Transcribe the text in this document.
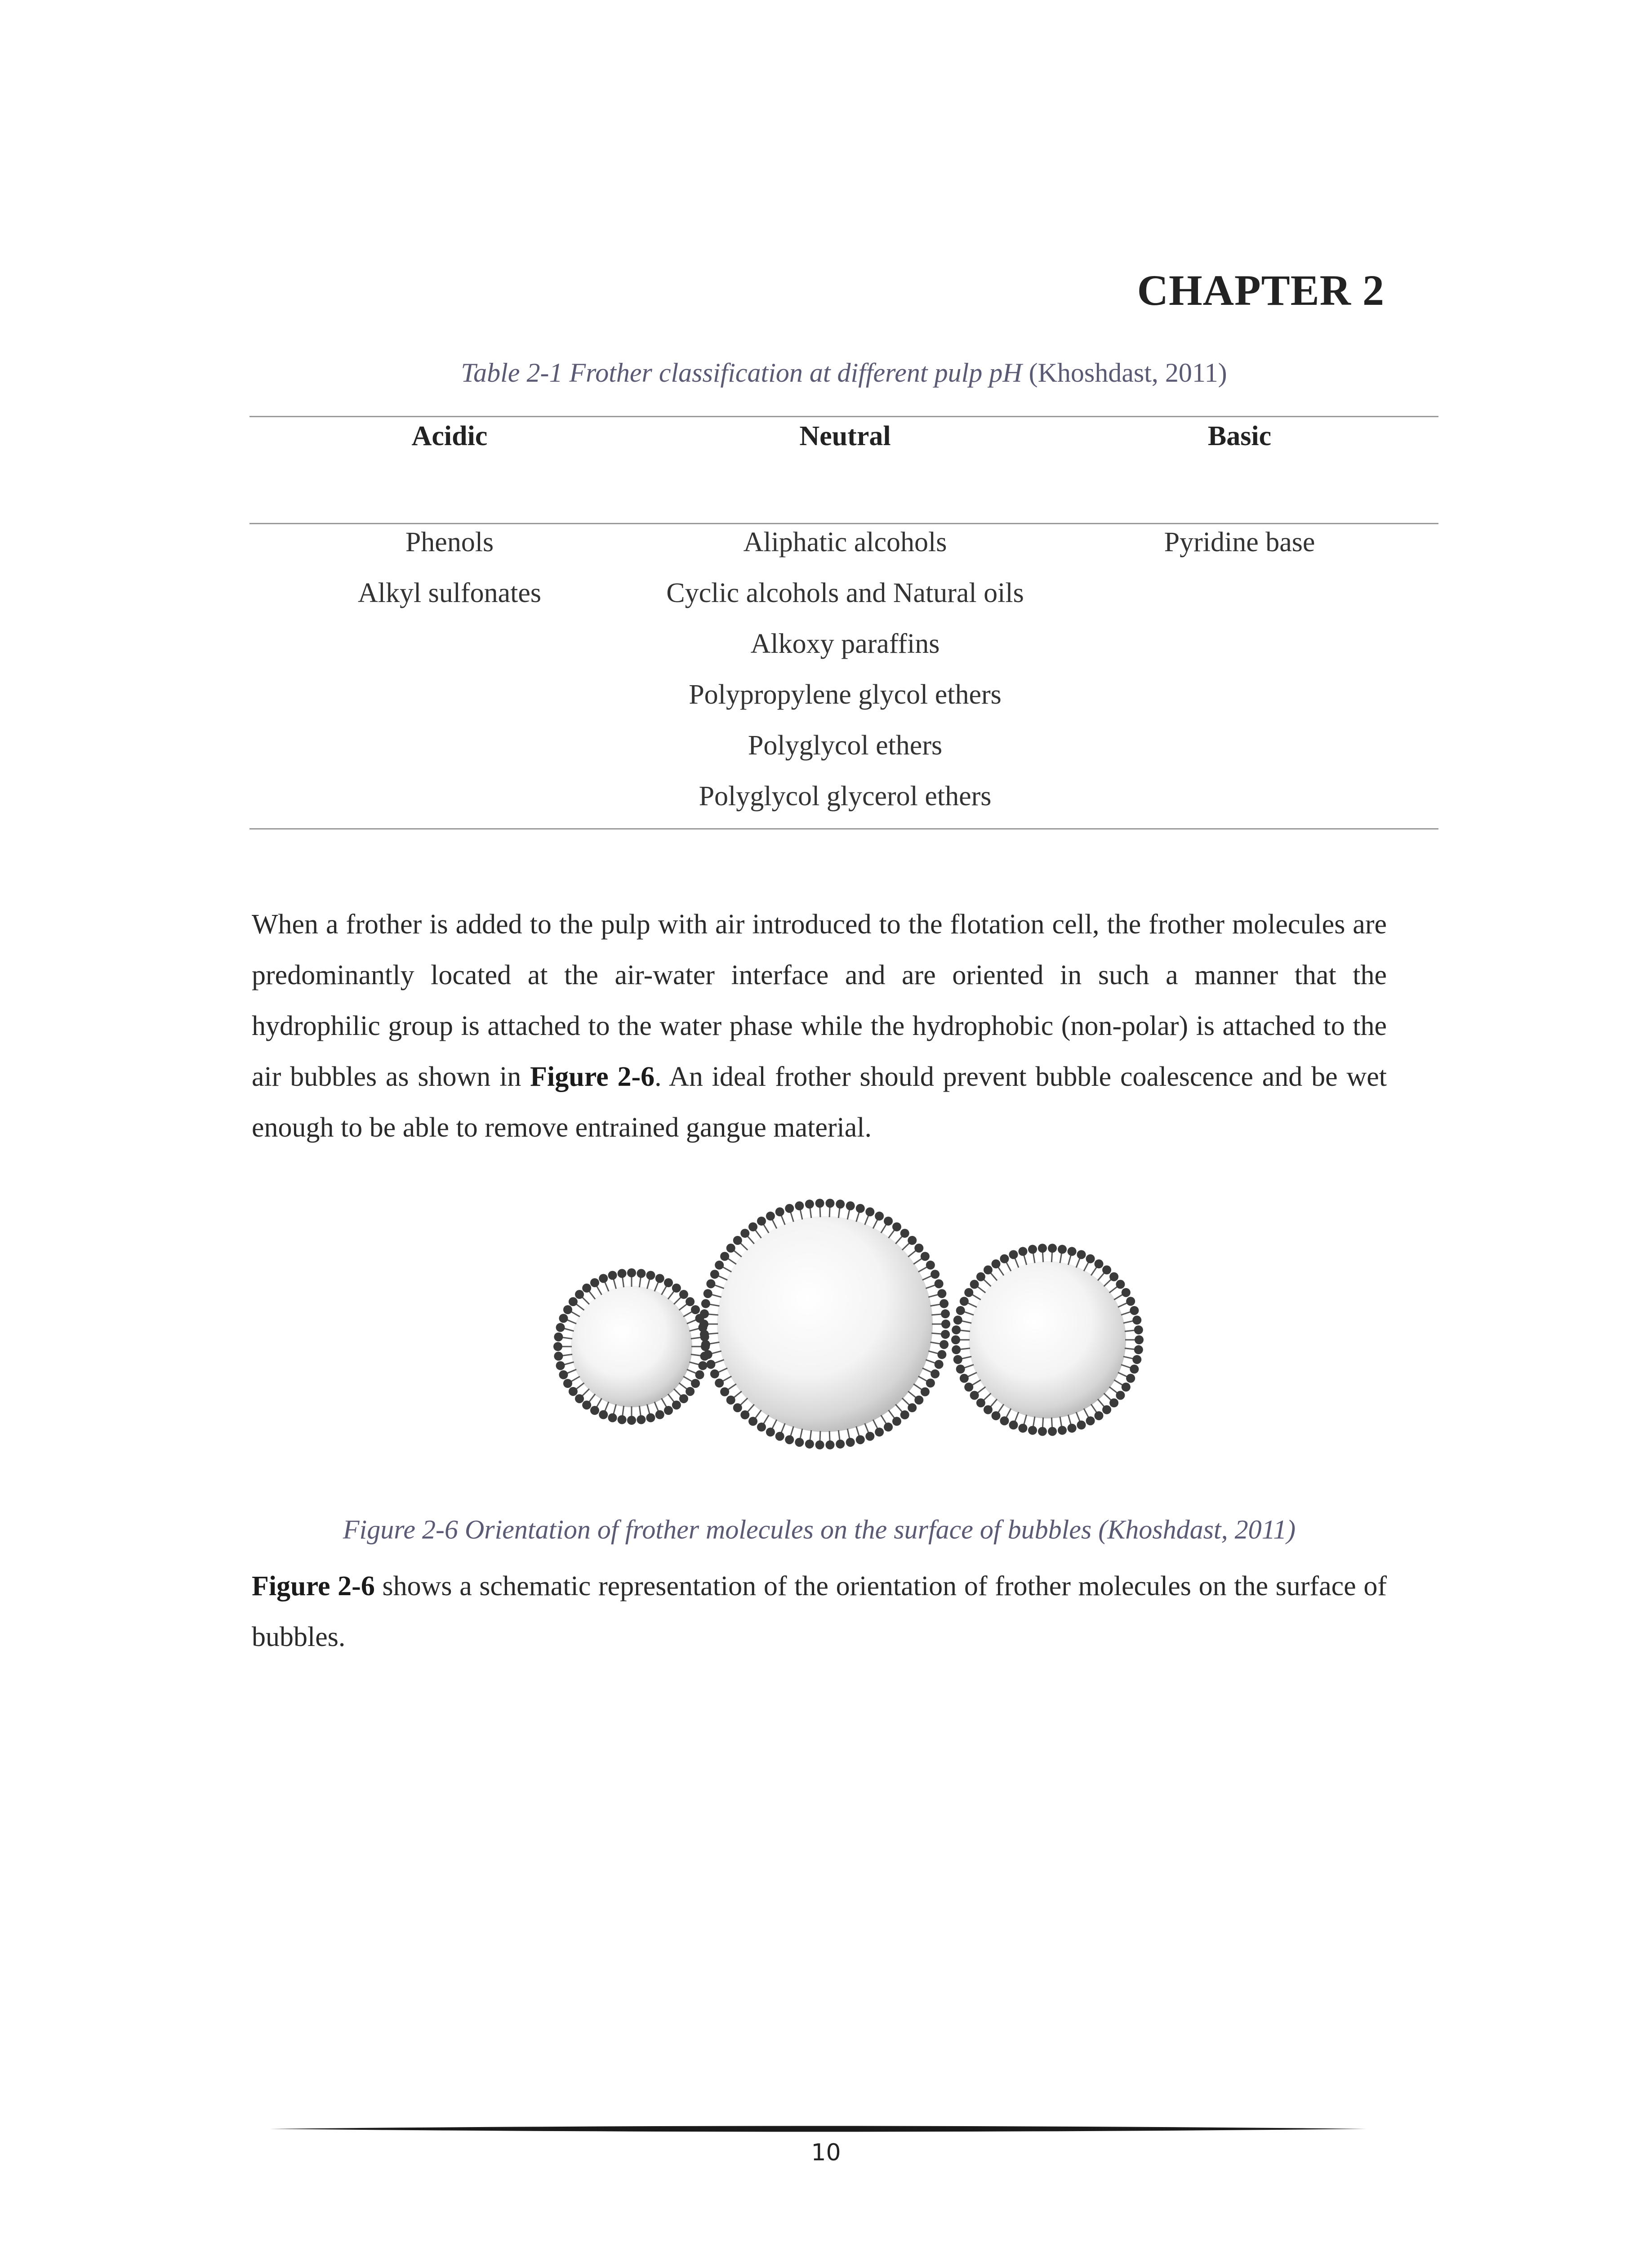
CHAPTER 2
Table 2-1 Frother classification at different pulp pH (Khoshdast, 2011)
Acidic	Neutral	Basic
Phenols
Alkyl sulfonates
Aliphatic alcohols
Cyclic alcohols and Natural oils
Alkoxy paraffins
Polypropylene glycol ethers
Polyglycol ethers
Polyglycol glycerol ethers
Pyridine base

When a frother is added to the pulp with air introduced to the flotation cell, the frother molecules are predominantly located at the air-water interface and are oriented in such a manner that the hydrophilic group is attached to the water phase while the hydrophobic (non-polar) is attached to the air bubbles as shown in Figure 2-6. An ideal frother should prevent bubble coalescence and be wet enough to be able to remove entrained gangue material.

Figure 2-6 Orientation of frother molecules on the surface of bubbles (Khoshdast, 2011)

Figure 2-6 shows a schematic representation of the orientation of frother molecules on the surface of bubbles.

10
